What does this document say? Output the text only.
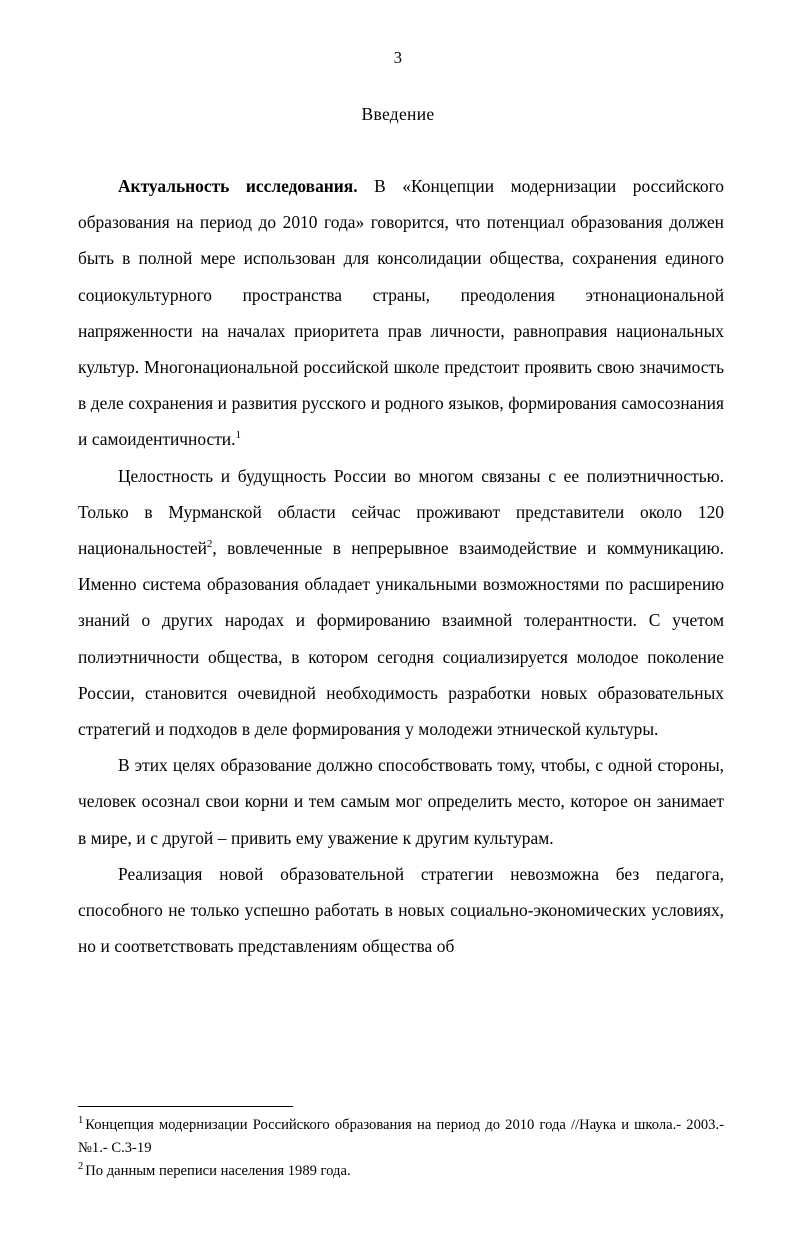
3
Введение

Актуальность исследования. В «Концепции модернизации российского образования на период до 2010 года» говорится, что потенциал образования должен быть в полной мере использован для консолидации общества, сохранения единого социокультурного пространства страны, преодоления этнонациональной напряженности на началах приоритета прав личности, равноправия национальных культур. Многонациональной российской школе предстоит проявить свою значимость в деле сохранения и развития русского и родного языков, формирования самосознания и самоидентичности.$^1$

Целостность и будущность России во многом связаны с ее полиэтничностью. Только в Мурманской области сейчас проживают представители около 120 национальностей$^2$, вовлеченные в непрерывное взаимодействие и коммуникацию. Именно система образования обладает уникальными возможностями по расширению знаний о других народах и формированию взаимной толерантности. С учетом полиэтничности общества, в котором сегодня социализируется молодое поколение России, становится очевидной необходимость разработки новых образовательных стратегий и подходов в деле формирования у молодежи этнической культуры.

В этих целях образование должно способствовать тому, чтобы, с одной стороны, человек осознал свои корни и тем самым мог определить место, которое он занимает в мире, и с другой – привить ему уважение к другим культурам.

Реализация новой образовательной стратегии невозможна без педагога, способного не только успешно работать в новых социально-экономических условиях, но и соответствовать представлениям общества об

$^1$ Концепция модернизации Российского образования на период до 2010 года //Наука и школа.- 2003.- №1.- С.3-19

$^2$ По данным переписи населения 1989 года.
